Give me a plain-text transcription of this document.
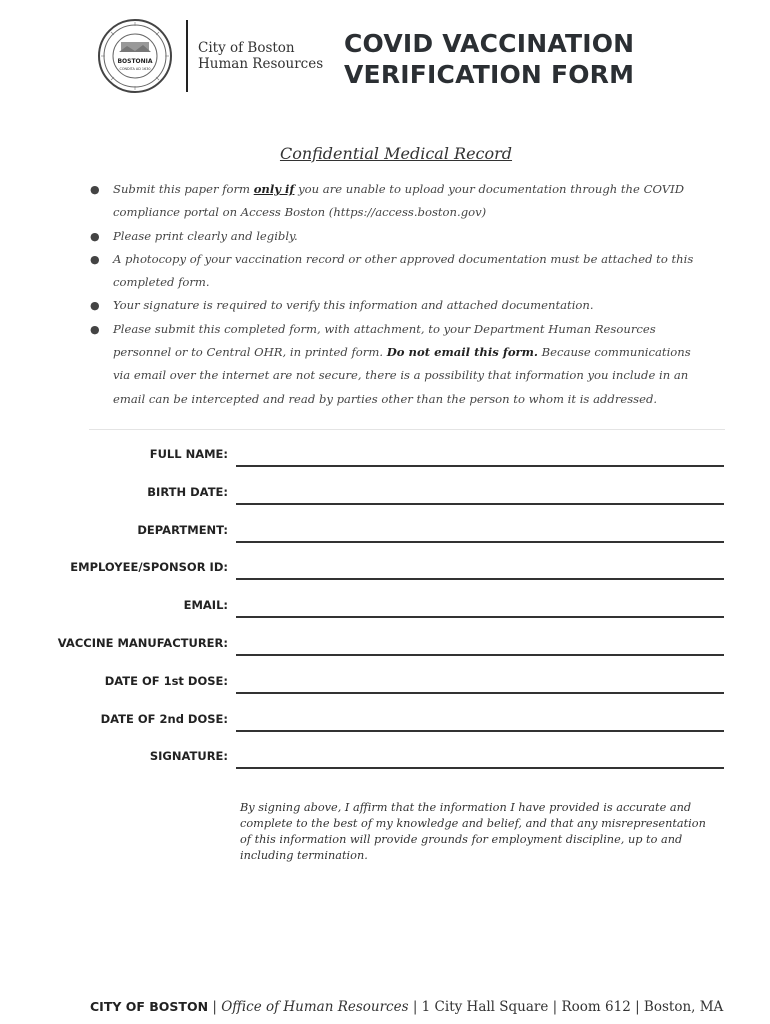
BOSTONIA
CONDITA AD 1630
City of Boston
Human Resources
COVID VACCINATION
VERIFICATION FORM
Confidential Medical Record
● Submit this paper form only if you are unable to upload your documentation through the COVID compliance portal on Access Boston (https://access.boston.gov)
● Please print clearly and legibly.
● A photocopy of your vaccination record or other approved documentation must be attached to this completed form.
● Your signature is required to verify this information and attached documentation.
● Please submit this completed form, with attachment, to your Department Human Resources personnel or to Central OHR, in printed form. Do not email this form. Because communications via email over the internet are not secure, there is a possibility that information you include in an email can be intercepted and read by parties other than the person to whom it is addressed.
FULL NAME:
BIRTH DATE:
DEPARTMENT:
EMPLOYEE/SPONSOR ID:
EMAIL:
VACCINE MANUFACTURER:
DATE OF 1st DOSE:
DATE OF 2nd DOSE:
SIGNATURE:
By signing above, I affirm that the information I have provided is accurate and complete to the best of my knowledge and belief, and that any misrepresentation of this information will provide grounds for employment discipline, up to and including termination.
CITY OF BOSTON | Office of Human Resources | 1 City Hall Square | Room 612 | Boston, MA
